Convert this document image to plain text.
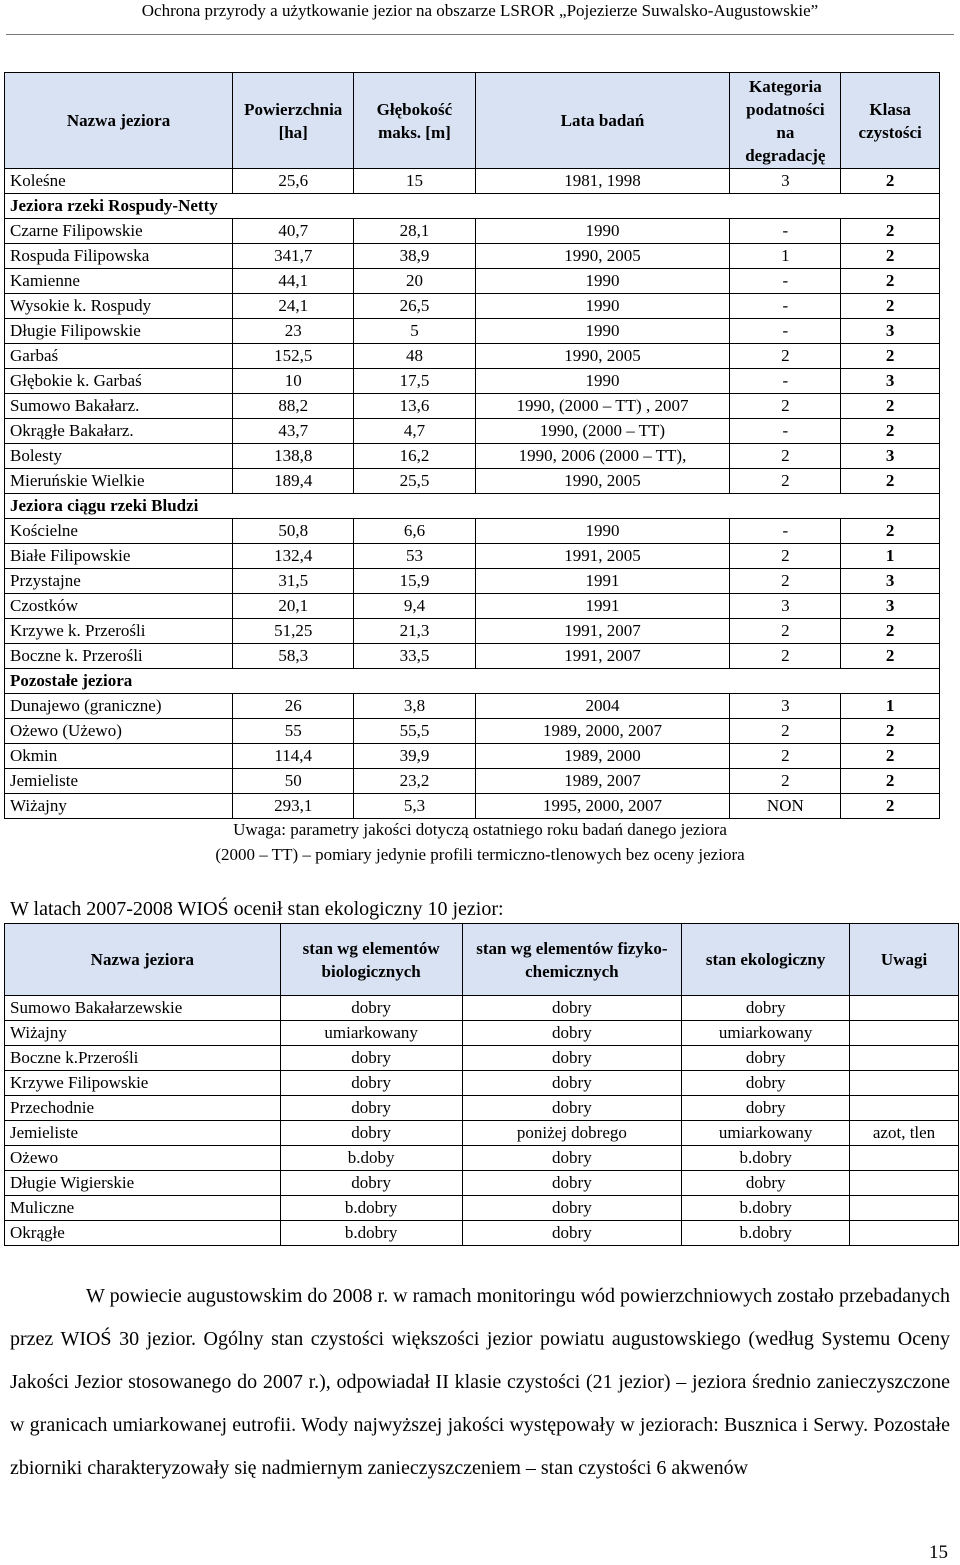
Ochrona przyrody a użytkowanie jezior na obszarze LSROR „Pojezierze Suwalsko-Augustowskie”
Nazwa jeziora	Powierzchnia [ha]	Głębokość maks. [m]	Lata badań	Kategoria podatności na degradację	Klasa czystości
Koleśne	25,6	15	1981, 1998	3	2
Jeziora rzeki Rospudy-Netty					
Czarne Filipowskie	40,7	28,1	1990	-	2
Rospuda Filipowska	341,7	38,9	1990, 2005	1	2
Kamienne	44,1	20	1990	-	2
Wysokie k. Rospudy	24,1	26,5	1990	-	2
Długie Filipowskie	23	5	1990	-	3
Garbaś	152,5	48	1990, 2005	2	2
Głębokie k. Garbaś	10	17,5	1990	-	3
Sumowo Bakałarz.	88,2	13,6	1990, (2000 – TT) , 2007	2	2
Okrągłe Bakałarz.	43,7	4,7	1990, (2000 – TT)	-	2
Bolesty	138,8	16,2	1990, 2006 (2000 – TT),	2	3
Mieruńskie Wielkie	189,4	25,5	1990, 2005	2	2
Jeziora ciągu rzeki Bludzi					
Kościelne	50,8	6,6	1990	-	2
Białe Filipowskie	132,4	53	1991, 2005	2	1
Przystajne	31,5	15,9	1991	2	3
Czostków	20,1	9,4	1991	3	3
Krzywe k. Przerośli	51,25	21,3	1991, 2007	2	2
Boczne k. Przerośli	58,3	33,5	1991, 2007	2	2
Pozostałe jeziora					
Dunajewo (graniczne)	26	3,8	2004	3	1
Ożewo (Użewo)	55	55,5	1989, 2000, 2007	2	2
Okmin	114,4	39,9	1989, 2000	2	2
Jemieliste	50	23,2	1989, 2007	2	2
Wiżajny	293,1	5,3	1995, 2000, 2007	NON	2
Uwaga: parametry jakości dotyczą ostatniego roku badań danego jeziora
(2000 – TT) – pomiary jedynie profili termiczno-tlenowych bez oceny jeziora
W latach 2007-2008 WIOŚ ocenił stan ekologiczny 10 jezior:
Nazwa jeziora	stan wg elementów biologicznych	stan wg elementów fizyko-chemicznych	stan ekologiczny	Uwagi
Sumowo Bakałarzewskie	dobry	dobry	dobry	
Wiżajny	umiarkowany	dobry	umiarkowany	
Boczne k.Przerośli	dobry	dobry	dobry	
Krzywe Filipowskie	dobry	dobry	dobry	
Przechodnie	dobry	dobry	dobry	
Jemieliste	dobry	poniżej dobrego	umiarkowany	azot, tlen
Ożewo	b.doby	dobry	b.dobry	
Długie Wigierskie	dobry	dobry	dobry	
Muliczne	b.dobry	dobry	b.dobry	
Okrągłe	b.dobry	dobry	b.dobry	
W powiecie augustowskim do 2008 r. w ramach monitoringu wód powierzchniowych zostało przebadanych przez WIOŚ 30 jezior. Ogólny stan czystości większości jezior powiatu augustowskiego (według Systemu Oceny Jakości Jezior stosowanego do 2007 r.), odpowiadał II klasie czystości (21 jezior) – jeziora średnio zanieczyszczone w granicach umiarkowanej eutrofii. Wody najwyższej jakości występowały w jeziorach: Busznica i Serwy. Pozostałe zbiorniki charakteryzowały się nadmiernym zanieczyszczeniem – stan czystości 6 akwenów
15
